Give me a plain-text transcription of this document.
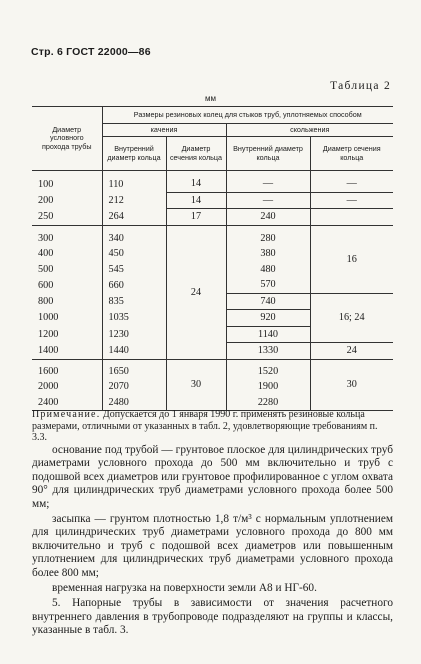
Стр. 6 ГОСТ 22000—86
Таблица 2
мм
Диаметр условного прохода трубы	Размеры резиновых колец для стыков труб, уплотняемых способом			
	качения		скольжения	
	Внутренний диаметр кольца	Диаметр сечения кольца	Внутренний диаметр кольца	Диаметр сечения кольца
100	110	14	—	—
200	212	14	—	—
250	264	17	240	
300	340	24	280	16
400	450		380	
500	545		480	
600	660		570	
800	835		740	16; 24
1000	1035		920	
1200	1230		1140	
1400	1440		1330	24
1600	1650	30	1520	30
2000	2070		1900	
2400	2480		2280	
Примечание. Допускается до 1 января 1990 г. применять резиновые кольца размерами, отличными от указанных в табл. 2, удовлетворяющие требованиям п. 3.3.

основание под трубой — грунтовое плоское для цилиндрических труб диаметрами условного прохода до 500 мм включительно и труб с подошвой всех диаметров или грунтовое профилированное с углом охвата 90° для цилиндрических труб диаметрами условного прохода более 500 мм;

засыпка — грунтом плотностью 1,8 т/м³ с нормальным уплотнением для цилиндрических труб диаметрами условного прохода до 800 мм включительно и труб с подошвой всех диаметров или повышенным уплотнением для цилиндрических труб диаметрами условного прохода более 800 мм;

временная нагрузка на поверхности земли А8 и НГ-60.

5. Напорные трубы в зависимости от значения расчетного внутреннего давления в трубопроводе подразделяют на группы и классы, указанные в табл. 3.
